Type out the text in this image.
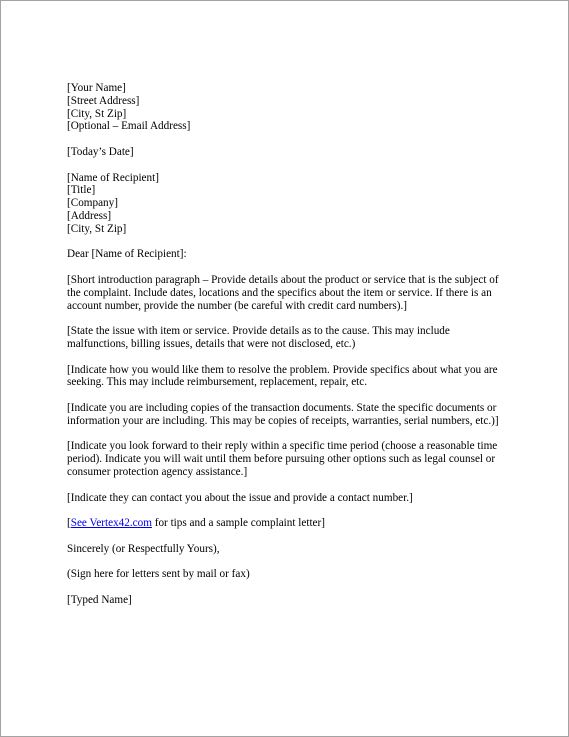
[Your Name]
[Street Address]
[City, St Zip]
[Optional – Email Address]
[Today’s Date]
[Name of Recipient]
[Title]
[Company]
[Address]
[City, St Zip]
Dear [Name of Recipient]:
[Short introduction paragraph – Provide details about the product or service that is the subject of
the complaint. Include dates, locations and the specifics about the item or service. If there is an
account number, provide the number (be careful with credit card numbers).]
[State the issue with item or service. Provide details as to the cause. This may include
malfunctions, billing issues, details that were not disclosed, etc.)
[Indicate how you would like them to resolve the problem. Provide specifics about what you are
seeking. This may include reimbursement, replacement, repair, etc.
[Indicate you are including copies of the transaction documents. State the specific documents or
information your are including. This may be copies of receipts, warranties, serial numbers, etc.)]
[Indicate you look forward to their reply within a specific time period (choose a reasonable time
period). Indicate you will wait until them before pursuing other options such as legal counsel or
consumer protection agency assistance.]
[Indicate they can contact you about the issue and provide a contact number.]
[See Vertex42.com for tips and a sample complaint letter]
Sincerely (or Respectfully Yours),
(Sign here for letters sent by mail or fax)
[Typed Name]
